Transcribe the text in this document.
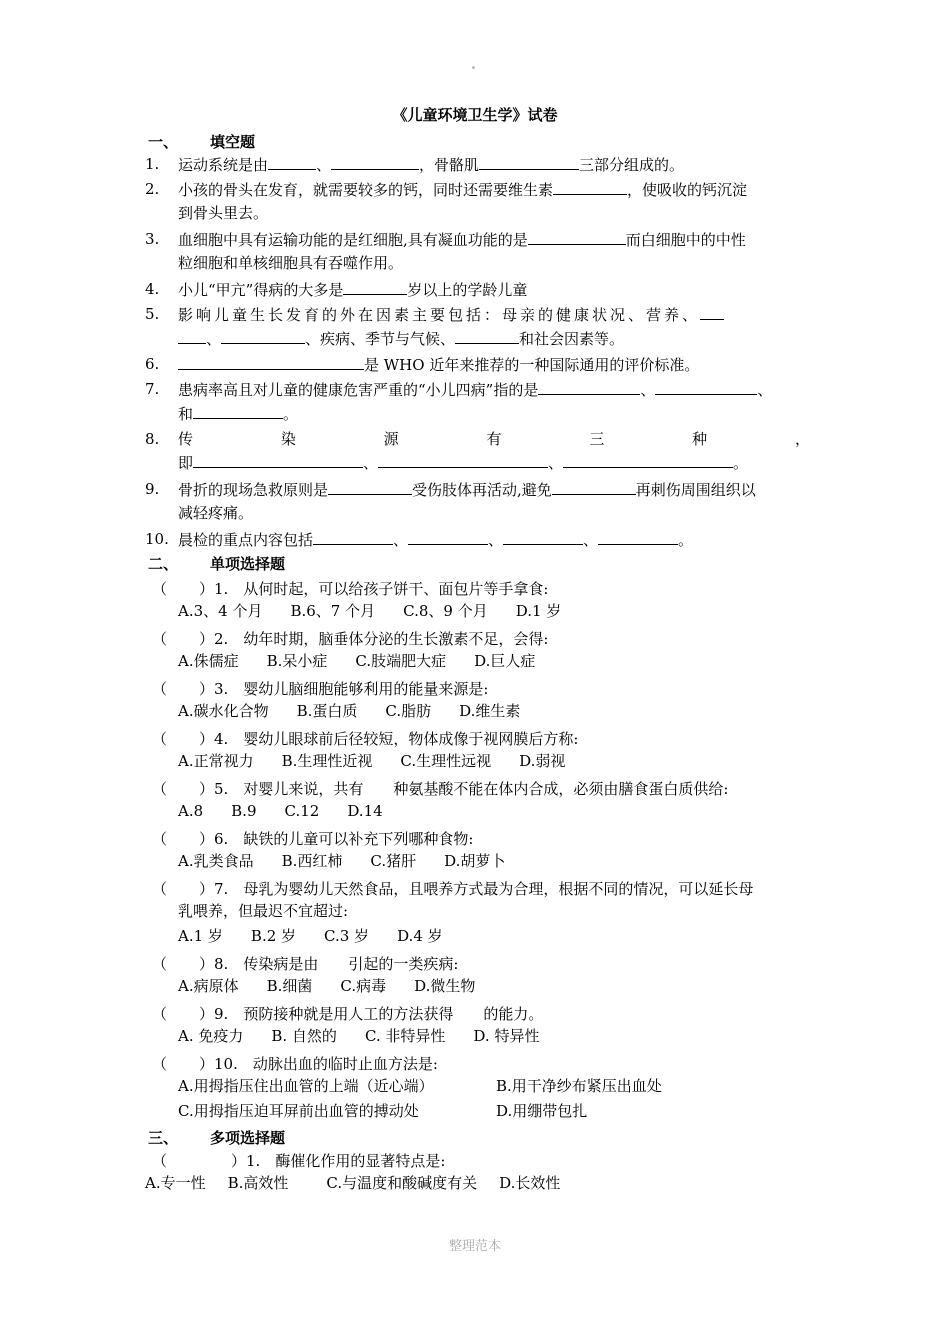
《儿童环境卫生学》试卷
一、 填空题
1. 运动系统是由	、	，骨骼肌	三部分组成的。
2. 小孩的骨头在发育，就需要较多的钙，同时还需要维生素	，使吸收的钙沉淀
到骨头里去。
3. 血细胞中具有运输功能的是红细胞,具有凝血功能的是	而白细胞中的中性
粒细胞和单核细胞具有吞噬作用。
4. 小儿“甲亢”得病的大多是	岁以上的学龄儿童
5. 影响儿童生长发育的外在因素主要包括：母亲的健康状况、营养、
、	、疾病、季节与气候、	和社会因素等。
6.	是 WHO 近年来推荐的一种国际通用的评价标准。
7. 患病率高且对儿童的健康危害严重的“小儿四病”指的是	、	、
和	。
8. 传	染	源	有	三	种	，
即	、	、	。
9. 骨折的现场急救原则是	受伤肢体再活动,避免	再刺伤周围组织以
减轻疼痛。
10. 晨检的重点内容包括	、	、	、	。
二、 单项选择题
（ ）1.　从何时起，可以给孩子饼干、面包片等手拿食:
A.3、4 个月 B.6、7 个月 C.8、9 个月 D.1 岁
（ ）2.　幼年时期，脑垂体分泌的生长激素不足，会得:
A.侏儒症 B.呆小症 C.肢端肥大症 D.巨人症
（ ）3.　婴幼儿脑细胞能够利用的能量来源是:
A.碳水化合物 B.蛋白质 C.脂肪 D.维生素
（ ）4.　婴幼儿眼球前后径较短，物体成像于视网膜后方称:
A.正常视力 B.生理性近视 C.生理性远视 D.弱视
（ ）5.　对婴儿来说，共有　　种氨基酸不能在体内合成，必须由膳食蛋白质供给:
A.8 B.9 C.12 D.14
（ ）6.　缺铁的儿童可以补充下列哪种食物:
A.乳类食品 B.西红柿 C.猪肝 D.胡萝卜
（ ）7.　母乳为婴幼儿天然食品，且喂养方式最为合理，根据不同的情况，可以延长母
乳喂养，但最迟不宜超过:
A.1 岁 B.2 岁 C.3 岁 D.4 岁
（ ）8.　传染病是由　　引起的一类疾病:
A.病原体 B.细菌 C.病毒 D.微生物
（ ）9.　预防接种就是用人工的方法获得　　的能力。
A. 免疫力 B. 自然的 C. 非特异性 D. 特异性
（ ）10.　动脉出血的临时止血方法是:
A.用拇指压住出血管的上端（近心端）	B.用干净纱布紧压出血处
C.用拇指压迫耳屏前出血管的搏动处	D.用绷带包扎
三、 多项选择题
（	）1.　酶催化作用的显著特点是:
A.专一性 B.高效性	C.与温度和酸碱度有关 D.长效性
整理范本
